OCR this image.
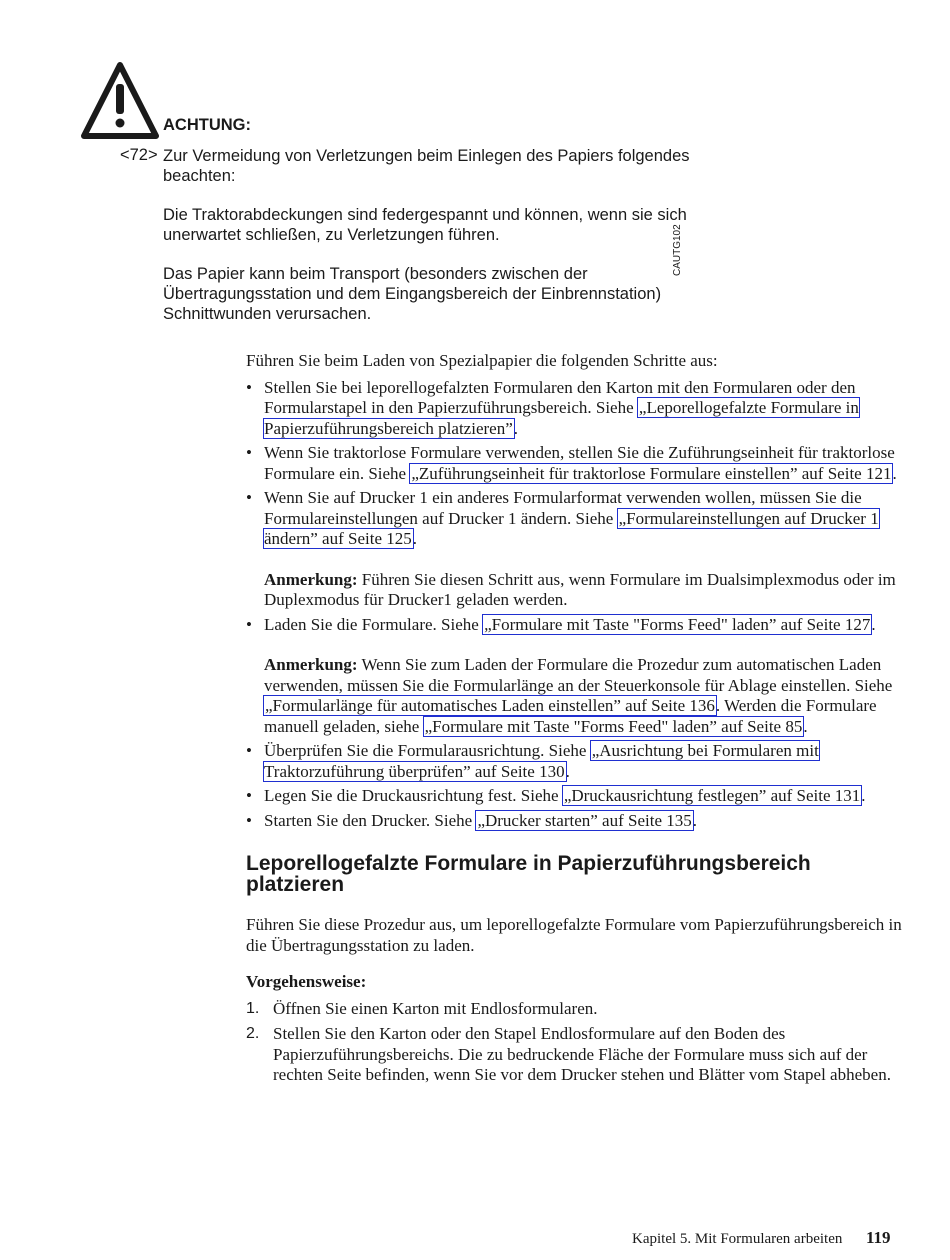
ACHTUNG:
<72> Zur Vermeidung von Verletzungen beim Einlegen des Papiers folgendes beachten:
Die Traktorabdeckungen sind federgespannt und können, wenn sie sich unerwartet schließen, zu Verletzungen führen.
Das Papier kann beim Transport (besonders zwischen der Übertragungsstation und dem Eingangsbereich der Einbrennstation) Schnittwunden verursachen.
CAUTG102

Führen Sie beim Laden von Spezialpapier die folgenden Schritte aus:

• Stellen Sie bei leporellogefalzten Formularen den Karton mit den Formularen oder den Formularstapel in den Papierzuführungsbereich. Siehe „Leporellogefalzte Formulare in Papierzuführungsbereich platzieren”.
• Wenn Sie traktorlose Formulare verwenden, stellen Sie die Zuführungseinheit für traktorlose Formulare ein. Siehe „Zuführungseinheit für traktorlose Formulare einstellen” auf Seite 121.
• Wenn Sie auf Drucker 1 ein anderes Formularformat verwenden wollen, müssen Sie die Formulareinstellungen auf Drucker 1 ändern. Siehe „Formulareinstellungen auf Drucker 1 ändern” auf Seite 125.

Anmerkung: Führen Sie diesen Schritt aus, wenn Formulare im Dualsimplexmodus oder im Duplexmodus für Drucker1 geladen werden.

• Laden Sie die Formulare. Siehe „Formulare mit Taste "Forms Feed" laden” auf Seite 127.

Anmerkung: Wenn Sie zum Laden der Formulare die Prozedur zum automatischen Laden verwenden, müssen Sie die Formularlänge an der Steuerkonsole für Ablage einstellen. Siehe „Formularlänge für automatisches Laden einstellen” auf Seite 136. Werden die Formulare manuell geladen, siehe „Formulare mit Taste "Forms Feed" laden” auf Seite 85.

• Überprüfen Sie die Formularausrichtung. Siehe „Ausrichtung bei Formularen mit Traktorzuführung überprüfen” auf Seite 130.
• Legen Sie die Druckausrichtung fest. Siehe „Druckausrichtung festlegen” auf Seite 131.
• Starten Sie den Drucker. Siehe „Drucker starten” auf Seite 135.
Leporellogefalzte Formulare in Papierzuführungsbereich platzieren

Führen Sie diese Prozedur aus, um leporellogefalzte Formulare vom Papierzuführungsbereich in die Übertragungsstation zu laden.

Vorgehensweise:

1. Öffnen Sie einen Karton mit Endlosformularen.
2. Stellen Sie den Karton oder den Stapel Endlosformulare auf den Boden des Papierzuführungsbereichs. Die zu bedruckende Fläche der Formulare muss sich auf der rechten Seite befinden, wenn Sie vor dem Drucker stehen und Blätter vom Stapel abheben.
Kapitel 5. Mit Formularen arbeiten 119
